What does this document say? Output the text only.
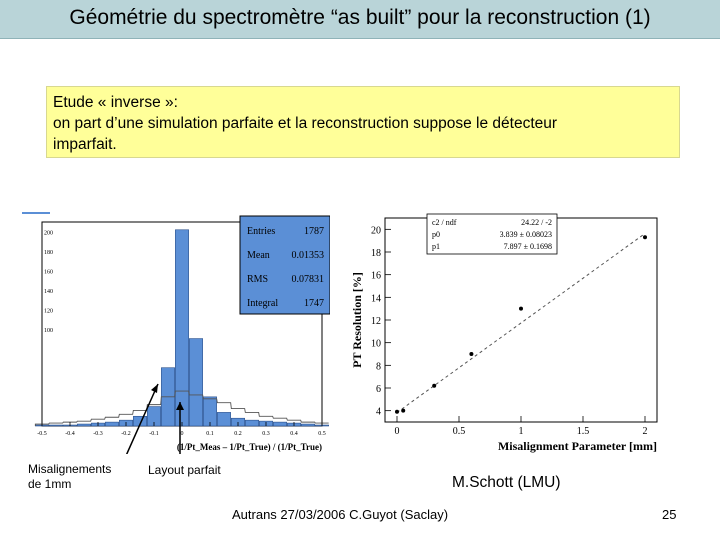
Géométrie du spectromètre “as built” pour la reconstruction (1)
Etude « inverse »:
on part d’une simulation parfaite et la reconstruction suppose le détecteur
imparfait.
100
120
140
160
180
200
-0.5	-0.4	-0.3	-0.2	-0.1	0	0.1	0.2	0.3	0.4	0.5
(1/Pt_Meas – 1/Pt_True) / (1/Pt_True)
Entries	1787
Mean 0.01353
RMS 0.07831
Integral	1747
4
6
8
10
12
14
16
18
20
0	0.5	1	1.5	2
Misalignment Parameter [mm]
PT Resolution [%]
c2 / ndf	24.22 / -2
p0	3.839 ± 0.08023
p1	7.897 ± 0.1698
Misalignements
de 1mm
Layout parfait
M.Schott (LMU)
Autrans 27/03/2006 C.Guyot (Saclay)	25
